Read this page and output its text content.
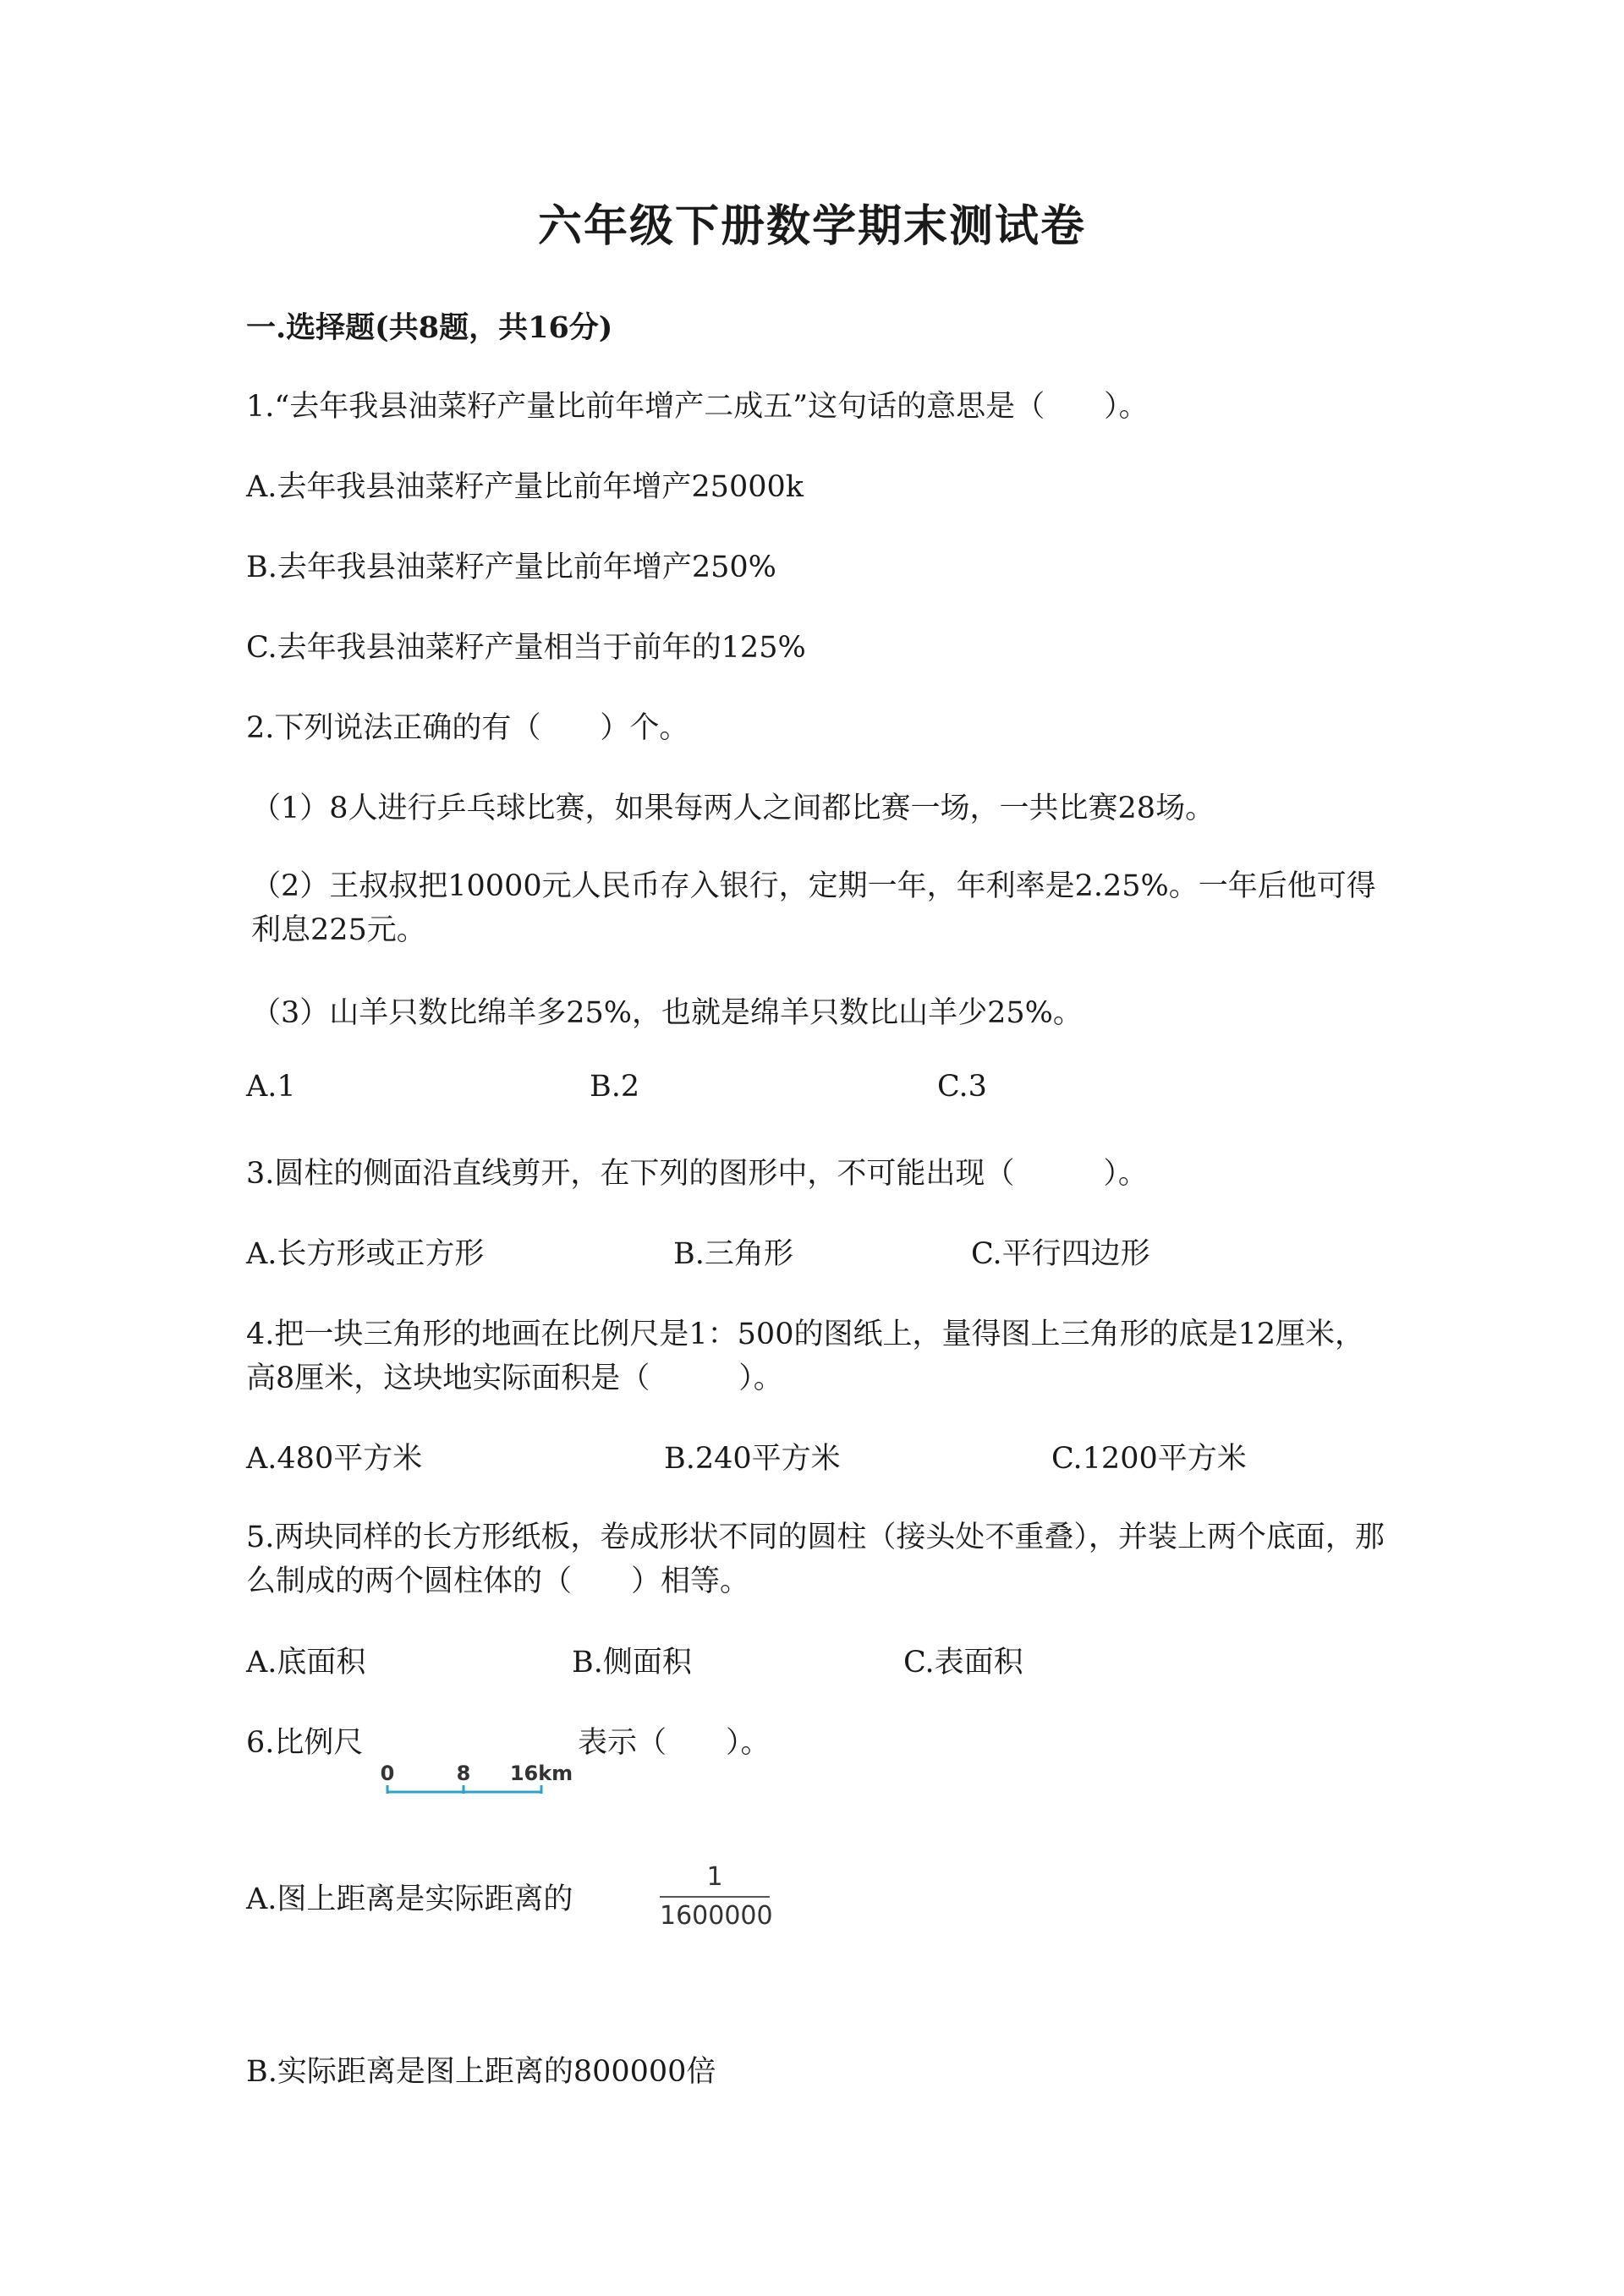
六年级下册数学期末测试卷
一.选择题(共8题，共16分)
1.“去年我县油菜籽产量比前年增产二成五”这句话的意思是（　　）。
A.去年我县油菜籽产量比前年增产25000k
B.去年我县油菜籽产量比前年增产250%
C.去年我县油菜籽产量相当于前年的125%
2.下列说法正确的有（　　）个。
（1）8人进行乒乓球比赛，如果每两人之间都比赛一场，一共比赛28场。
（2）王叔叔把10000元人民币存入银行，定期一年，年利率是2.25%。一年后他可得利息225元。
（3）山羊只数比绵羊多25%，也就是绵羊只数比山羊少25%。
A.1	B.2	C.3
3.圆柱的侧面沿直线剪开，在下列的图形中，不可能出现（　　　）。
A.长方形或正方形	B.三角形	C.平行四边形
4.把一块三角形的地画在比例尺是1：500的图纸上，量得图上三角形的底是12厘米，高8厘米，这块地实际面积是（　　　）。
A.480平方米	B.240平方米	C.1200平方米
5.两块同样的长方形纸板，卷成形状不同的圆柱（接头处不重叠），并装上两个底面，那么制成的两个圆柱体的（　　）相等。
A.底面积	B.侧面积	C.表面积
6.比例尺
0	8 16km
表示（　　）。
A.图上距离是实际距离的
1
1600000
B.实际距离是图上距离的800000倍
